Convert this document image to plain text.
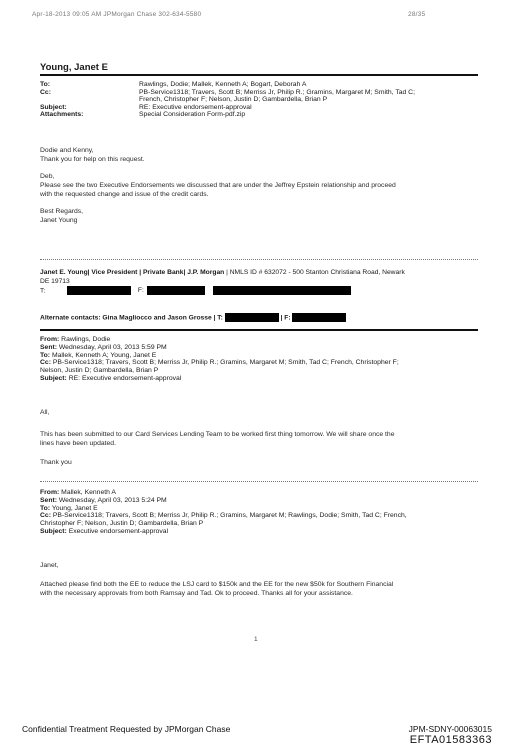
Apr-18-2013 09:05 AM JPMorgan Chase 302-634-5580	28/35
Young, Janet E
To:	Rawlings, Dodie; Mallek, Kenneth A; Bogart, Deborah A
Cc:	PB-Service1318; Travers, Scott B; Merriss Jr, Philip R.; Gramins, Margaret M; Smith, Tad C;
French, Christopher F; Nelson, Justin D; Gambardella, Brian P
Subject:	RE: Executive endorsement-approval
Attachments:	Special Consideration Form-pdf.zip

Dodie and Kenny,

Thank you for help on this request.

Deb,

Please see the two Executive Endorsements we discussed that are under the Jeffrey Epstein relationship and proceed

with the requested change and issue of the credit cards.

Best Regards,

Janet Young

Janet E. Young| Vice President | Private Bank| J.P. Morgan | NMLS ID # 632072 - 500 Stanton Christiana Road, Newark
DE 19713
T:	F:
Alternate contacts: Gina Magliocco and Jason Grosse | T:	| F:
From: Rawlings, Dodie
Sent: Wednesday, April 03, 2013 5:59 PM
To: Mallek, Kenneth A; Young, Janet E
Cc: PB-Service1318; Travers, Scott B; Merriss Jr, Philip R.; Gramins, Margaret M; Smith, Tad C; French, Christopher F;
Nelson, Justin D; Gambardella, Brian P
Subject: RE: Executive endorsement-approval

All,

This has been submitted to our Card Services Lending Team to be worked first thing tomorrow. We will share once the

lines have been updated.

Thank you

From: Mallek, Kenneth A
Sent: Wednesday, April 03, 2013 5:24 PM
To: Young, Janet E
Cc: PB-Service1318; Travers, Scott B; Merriss Jr, Philip R.; Gramins, Margaret M; Rawlings, Dodie; Smith, Tad C; French,
Christopher F; Nelson, Justin D; Gambardella, Brian P
Subject: Executive endorsement-approval

Janet,

Attached please find both the EE to reduce the LSJ card to $150k and the EE for the new $50k for Southern Financial

with the necessary approvals from both Ramsay and Tad. Ok to proceed. Thanks all for your assistance.

1
Confidential Treatment Requested by JPMorgan Chase	JPM-SDNY-00063015
EFTA01583363
